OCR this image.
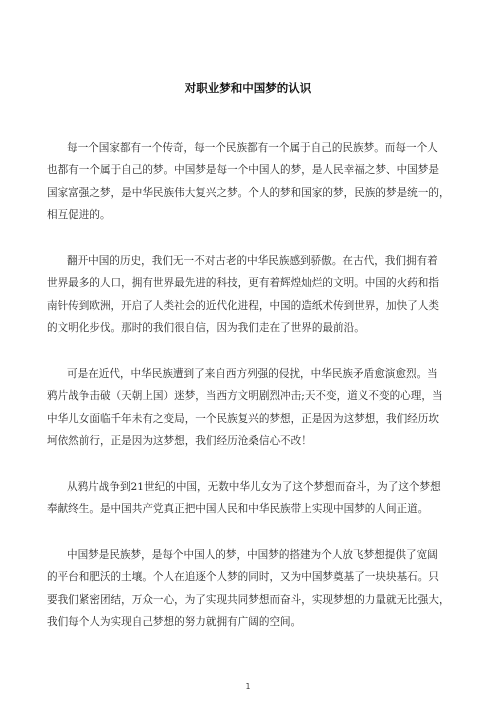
对职业梦和中国梦的认识
每一个国家都有一个传奇，每一个民族都有一个属于自己的民族梦。而每一个人
也都有一个属于自己的梦。中国梦是每一个中国人的梦，是人民幸福之梦、中国梦是
国家富强之梦，是中华民族伟大复兴之梦。个人的梦和国家的梦，民族的梦是统一的，
相互促进的。
翻开中国的历史，我们无一不对古老的中华民族感到骄傲。在古代，我们拥有着
世界最多的人口，拥有世界最先进的科技，更有着辉煌灿烂的文明。中国的火药和指
南针传到欧洲，开启了人类社会的近代化进程，中国的造纸术传到世界，加快了人类
的文明化步伐。那时的我们很自信，因为我们走在了世界的最前沿。
可是在近代，中华民族遭到了来自西方列强的侵扰，中华民族矛盾愈演愈烈。当
鸦片战争击破（天朝上国）迷梦，当西方文明剧烈冲击;天不变，道义不变的心理，当
中华儿女面临千年未有之变局，一个民族复兴的梦想，正是因为这梦想，我们经历坎
坷依然前行，正是因为这梦想，我们经历沧桑信心不改！
从鸦片战争到21世纪的中国，无数中华儿女为了这个梦想而奋斗，为了这个梦想
奉献终生。是中国共产党真正把中国人民和中华民族带上实现中国梦的人间正道。
中国梦是民族梦，是每个中国人的梦，中国梦的搭建为个人放飞梦想提供了宽阔
的平台和肥沃的土壤。个人在追逐个人梦的同时，又为中国梦奠基了一块块基石。只
要我们紧密团结，万众一心，为了实现共同梦想而奋斗，实现梦想的力量就无比强大，
我们每个人为实现自己梦想的努力就拥有广阔的空间。
1
